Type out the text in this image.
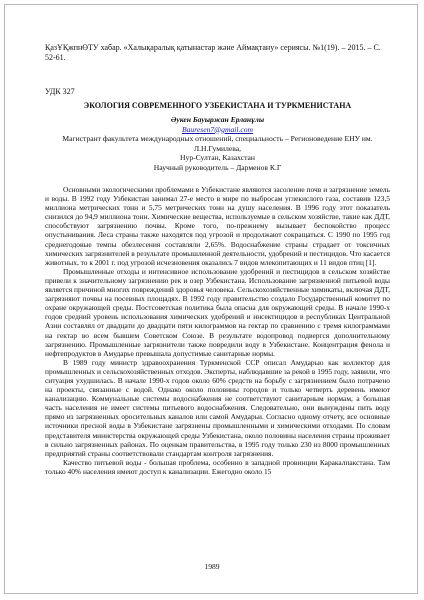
ҚазҰҚжпнӨТУ хабар. «Халықаралық қатынастар және Аймақтану» сериясы. №1(19). – 2015. – С. 52-61.
УДК 327
ЭКОЛОГИЯ СОВРЕМЕННОГО УЗБЕКИСТАНА И ТУРКМЕНИСТАНА
Әукен Бауыржан Ерланұлы
Bauresen7@gmail.com
Магистрант факультета международных отношений, специальность – Регионоведение ЕНУ им. Л.Н.Гумилева,
Нур-Султан, Казахстан
Научный руководитель – Дарменов К.Г

Основными экологическими проблемами в Узбекистане являются засоление почв и загрязнение земель и воды. В 1992 году Узбекистан занимал 27-е место в мире по выбросам углекислого газа, составив 123,5 миллиона метрических тонн и 5,75 метрических тонн на душу населения. В 1996 году этот показатель снизился до 94,9 миллиона тонн. Химические вещества, используемые в сельском хозяйстве, такие как ДДТ, способствуют загрязнению почвы. Кроме того, по-прежнему вызывает беспокойство процесс опустынивания. Леса страны также находятся под угрозой и продолжают сокращаться. С 1990 по 1995 год среднегодовые темпы обезлесения составляли 2,65%. Водоснабжение страны страдает от токсичных химических загрязнителей в результате промышленной деятельности, удобрений и пестицидов. Что касается животных, то к 2001 г. под угрозой исчезновения оказались 7 видов млекопитающих и 11 видов птиц [1].

Промышленные отходы и интенсивное использование удобрений и пестицидов в сельском хозяйстве привели к значительному загрязнению рек и озер Узбекистана. Использование загрязненной питьевой воды является причиной многих повреждений здоровья человека. Сельскохозяйственные химикаты, включая ДДТ, загрязняют почвы на посевных площадях. В 1992 году правительство создало Государственный комитет по охране окружающей среды. Постсоветская политика была опасна для окружающей среды. В начале 1990-х годов средний уровень использования химических удобрений и инсектицидов в республиках Центральной Азии составлял от двадцати до двадцати пяти килограммов на гектар по сравнению с тремя килограммами на гектар во всем бывшем Советском Союзе. В результате водопровод подвергся дополнительному загрязнению. Промышленные загрязнители также повредили воду в Узбекистане. Концентрация фенола и нефтепродуктов в Амударье превышала допустимые санитарные нормы.

В 1989 году министр здравоохранения Туркменской ССР описал Амударью как коллектор для промышленных и сельскохозяйственных отходов. Эксперты, наблюдавшие за рекой в 1995 году, заявили, что ситуация ухудшилась. В начале 1990-х годов около 60% средств на борьбу с загрязнением было потрачено на проекты, связанные с водой. Однако около половины городов и только четверть деревень имеют канализацию. Коммунальные системы водоснабжения не соответствуют санитарным нормам, а большая часть населения не имеет системы питьевого водоснабжения. Следовательно, они вынуждены пить воду прямо из загрязненных оросительных каналов или самой Амударьи. Согласно одному отчету, все основные источники пресной воды в Узбекистане загрязнены промышленными и химическими отходами. По словам представителя министерства окружающей среды Узбекистана, около половины населения страны проживает в сильно загрязненных районах. По оценкам правительства, в 1995 году только 230 из 8000 промышленных предприятий страны соответствовали стандартам контроля загрязнения.

Качество питьевой воды - большая проблема, особенно в западной провинции Каракалпакстана. Там только 40% населения имеют доступ к канализации. Ежегодно около 15

1989
